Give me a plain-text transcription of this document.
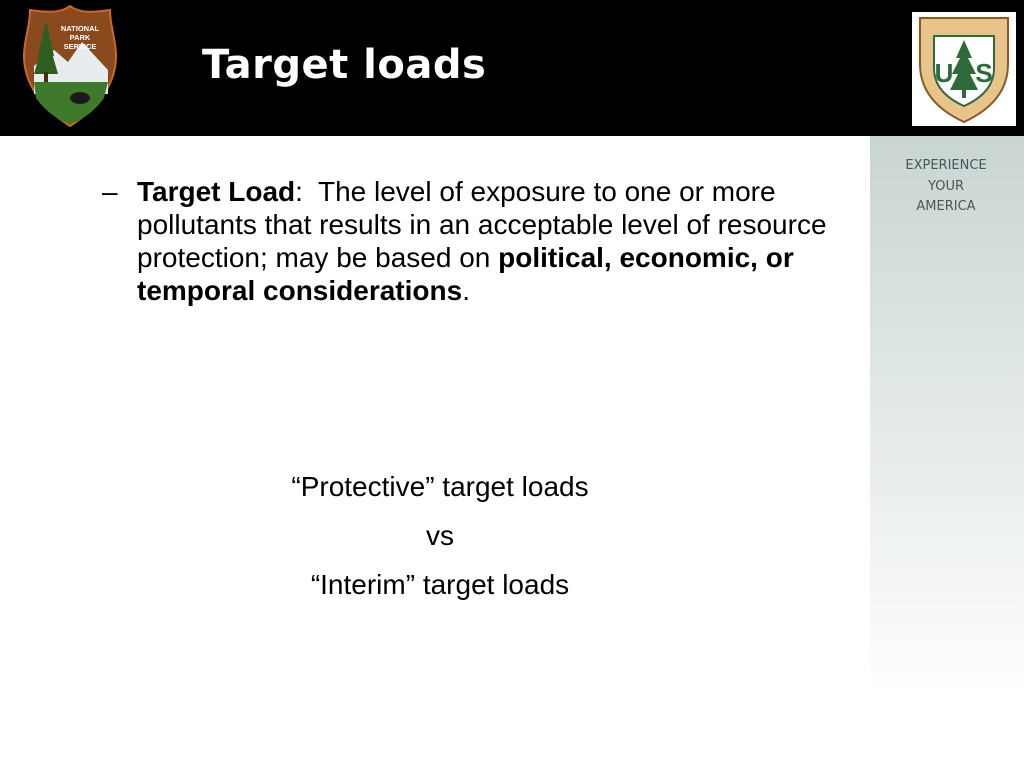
NATIONAL
PARK
SERVICE	Target loads	U S
EXPERIENCE
YOUR
AMERICA
– Target Load:  The level of exposure to one or more pollutants that results in an acceptable level of resource protection; may be based on political, economic, or temporal considerations.

“Protective” target loads

vs

“Interim” target loads
